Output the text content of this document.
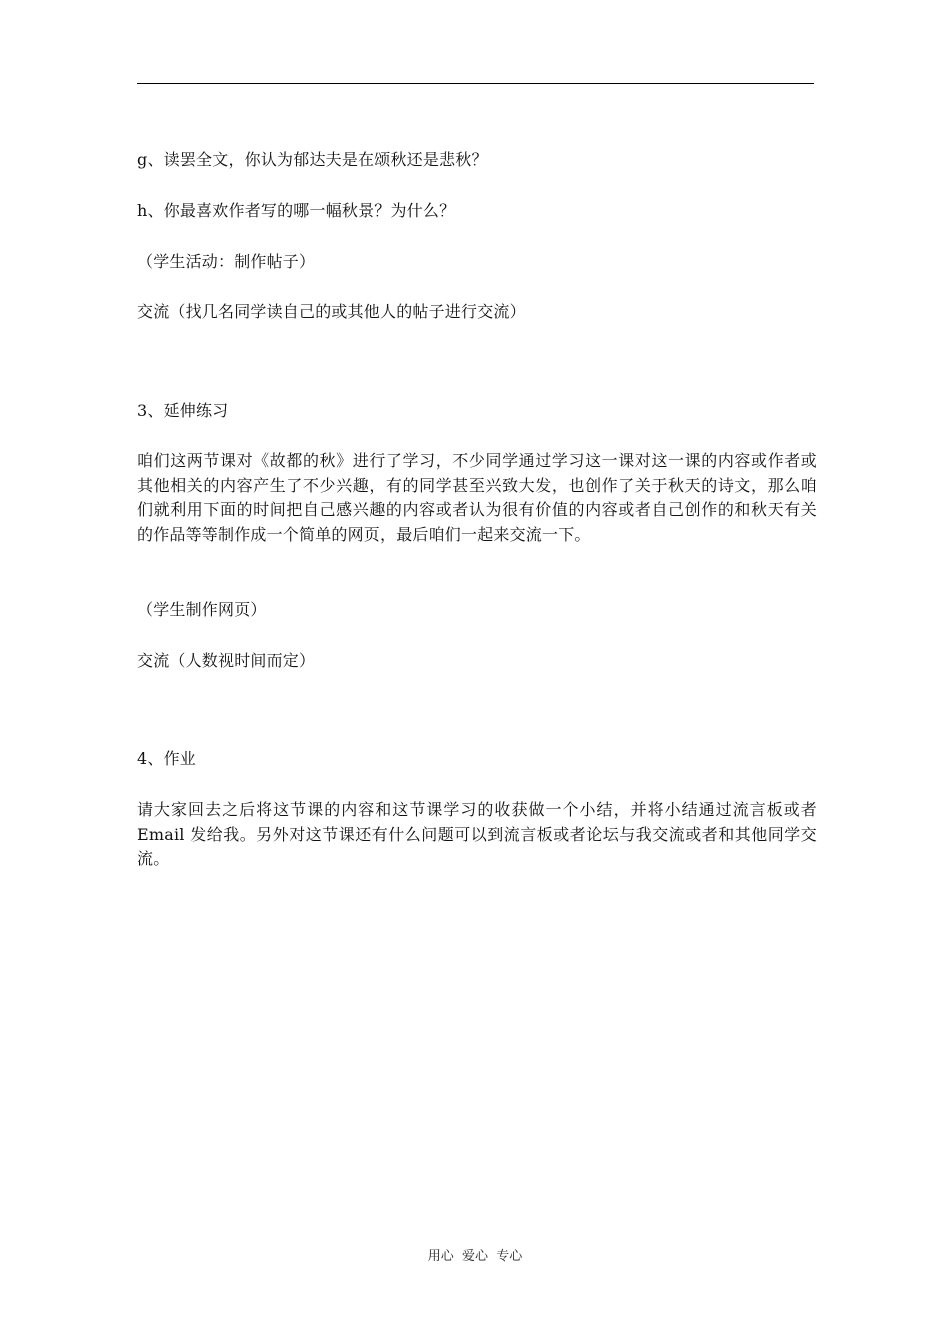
g、读罢全文，你认为郁达夫是在颂秋还是悲秋？
h、你最喜欢作者写的哪一幅秋景？为什么？
（学生活动：制作帖子）
交流（找几名同学读自己的或其他人的帖子进行交流）
3、延伸练习
咱们这两节课对《故都的秋》进行了学习，不少同学通过学习这一课对这一课的内容或作者或其他相关的内容产生了不少兴趣，有的同学甚至兴致大发，也创作了关于秋天的诗文，那么咱们就利用下面的时间把自己感兴趣的内容或者认为很有价值的内容或者自己创作的和秋天有关的作品等等制作成一个简单的网页，最后咱们一起来交流一下。
（学生制作网页）
交流（人数视时间而定）
4、作业
请大家回去之后将这节课的内容和这节课学习的收获做一个小结，并将小结通过流言板或者 Email 发给我。另外对这节课还有什么问题可以到流言板或者论坛与我交流或者和其他同学交流。
用心  爱心  专心
